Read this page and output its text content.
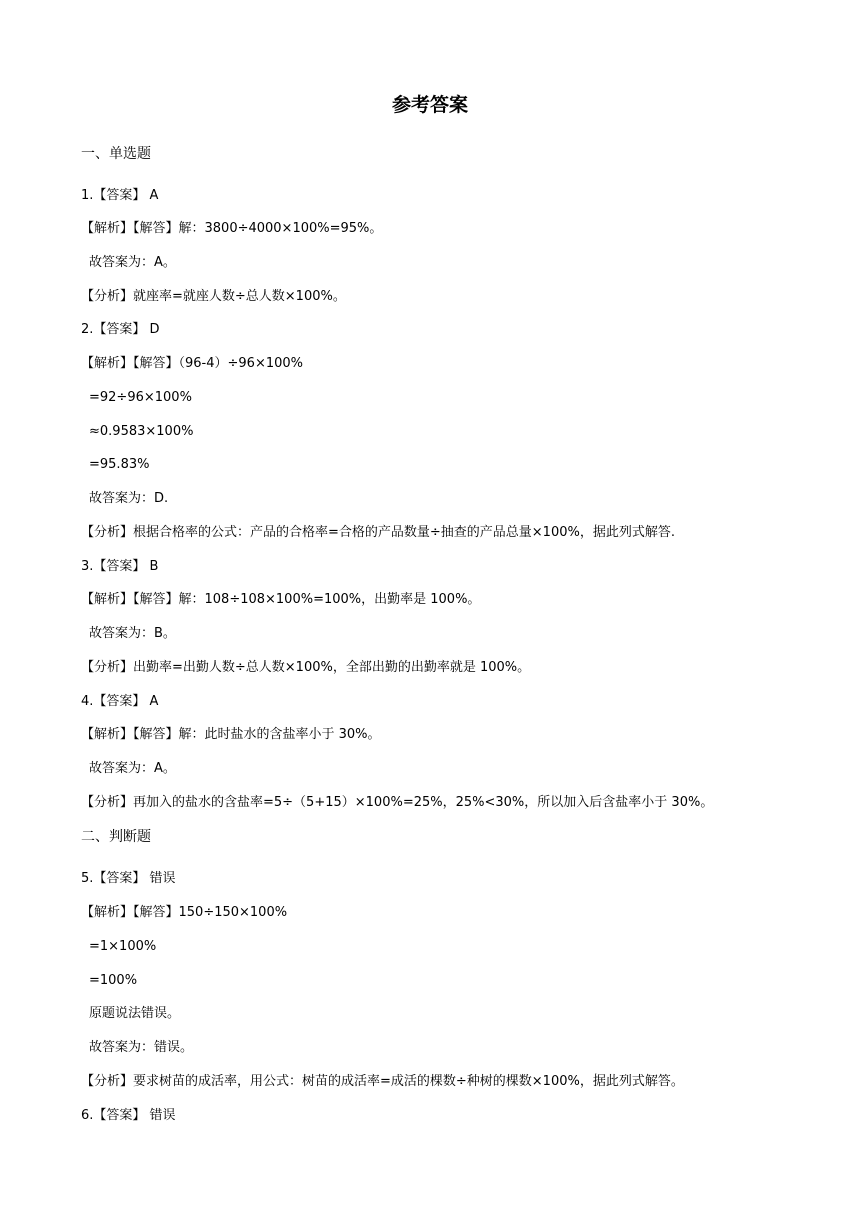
参考答案
一、单选题
1.【答案】 A
【解析】【解答】解：3800÷4000×100%=95%。
故答案为：A。
【分析】就座率=就座人数÷总人数×100%。
2.【答案】 D
【解析】【解答】（96-4）÷96×100%
=92÷96×100%
≈0.9583×100%
=95.83%
故答案为：D.
【分析】根据合格率的公式：产品的合格率=合格的产品数量÷抽查的产品总量×100%，据此列式解答.
3.【答案】 B
【解析】【解答】解：108÷108×100%=100%，出勤率是 100%。
故答案为：B。
【分析】出勤率=出勤人数÷总人数×100%，全部出勤的出勤率就是 100%。
4.【答案】 A
【解析】【解答】解：此时盐水的含盐率小于 30%。
故答案为：A。
【分析】再加入的盐水的含盐率=5÷（5+15）×100%=25%，25%<30%，所以加入后含盐率小于 30%。
二、判断题
5.【答案】 错误
【解析】【解答】150÷150×100%
=1×100%
=100%
原题说法错误。
故答案为：错误。
【分析】要求树苗的成活率，用公式：树苗的成活率=成活的棵数÷种树的棵数×100%，据此列式解答。
6.【答案】 错误
